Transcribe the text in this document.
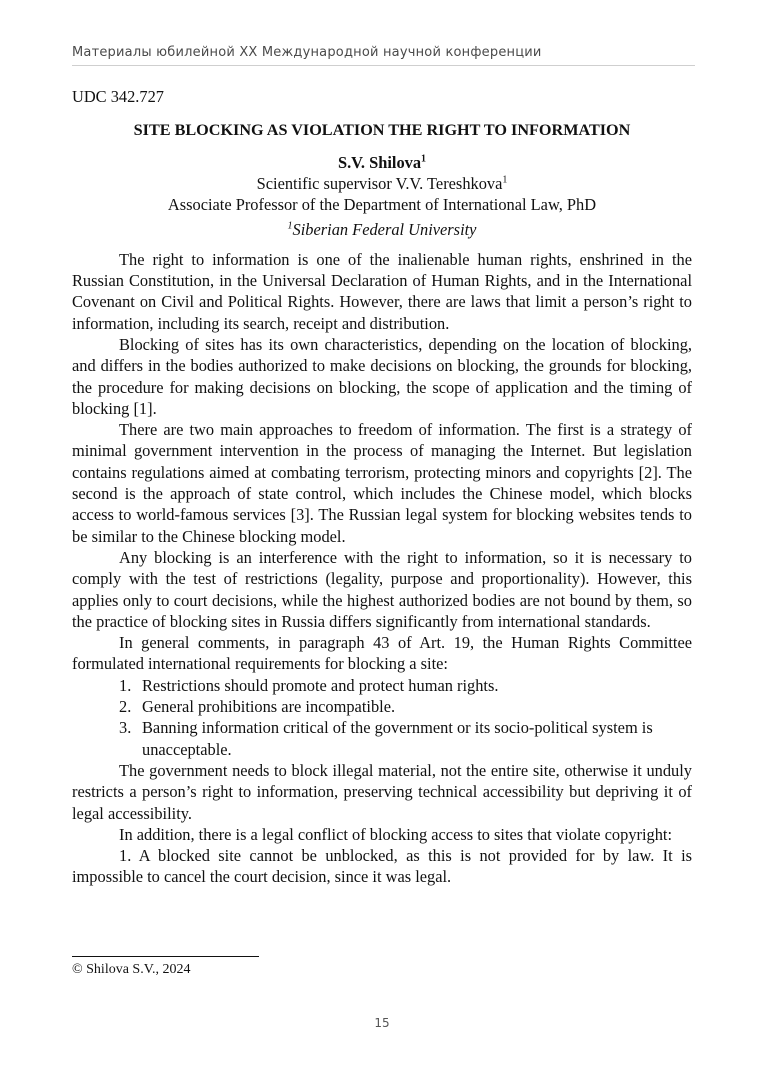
Материалы юбилейной XX Международной научной конференции
UDC 342.727
SITE BLOCKING AS VIOLATION THE RIGHT TO INFORMATION
S.V. Shilova$^1$
Scientific supervisor V.V. Tereshkova$^1$
Associate Professor of the Department of International Law, PhD
$^1$Siberian Federal University

The right to information is one of the inalienable human rights, enshrined in the Russian Constitution, in the Universal Declaration of Human Rights, and in the International Covenant on Civil and Political Rights. However, there are laws that limit a person’s right to information, including its search, receipt and distribution.

Blocking of sites has its own characteristics, depending on the location of blocking, and differs in the bodies authorized to make decisions on blocking, the grounds for blocking, the procedure for making decisions on blocking, the scope of application and the timing of blocking [1].

There are two main approaches to freedom of information. The first is a strategy of minimal government intervention in the process of managing the Internet. But legislation contains regulations aimed at combating terrorism, protecting minors and copyrights [2]. The second is the approach of state control, which includes the Chinese model, which blocks access to world-famous services [3]. The Russian legal system for blocking websites tends to be similar to the Chinese blocking model.

Any blocking is an interference with the right to information, so it is necessary to comply with the test of restrictions (legality, purpose and proportionality). However, this applies only to court decisions, while the highest authorized bodies are not bound by them, so the practice of blocking sites in Russia differs significantly from international standards.

In general comments, in paragraph 43 of Art. 19, the Human Rights Committee formulated international requirements for blocking a site:

1. Restrictions should promote and protect human rights.
2. General prohibitions are incompatible.
3. Banning information critical of the government or its socio-political system is unacceptable.

The government needs to block illegal material, not the entire site, otherwise it unduly restricts a person’s right to information, preserving technical accessibility but depriving it of legal accessibility.

In addition, there is a legal conflict of blocking access to sites that violate copyright:

1. A blocked site cannot be unblocked, as this is not provided for by law. It is impossible to cancel the court decision, since it was legal.

© Shilova S.V., 2024
15
